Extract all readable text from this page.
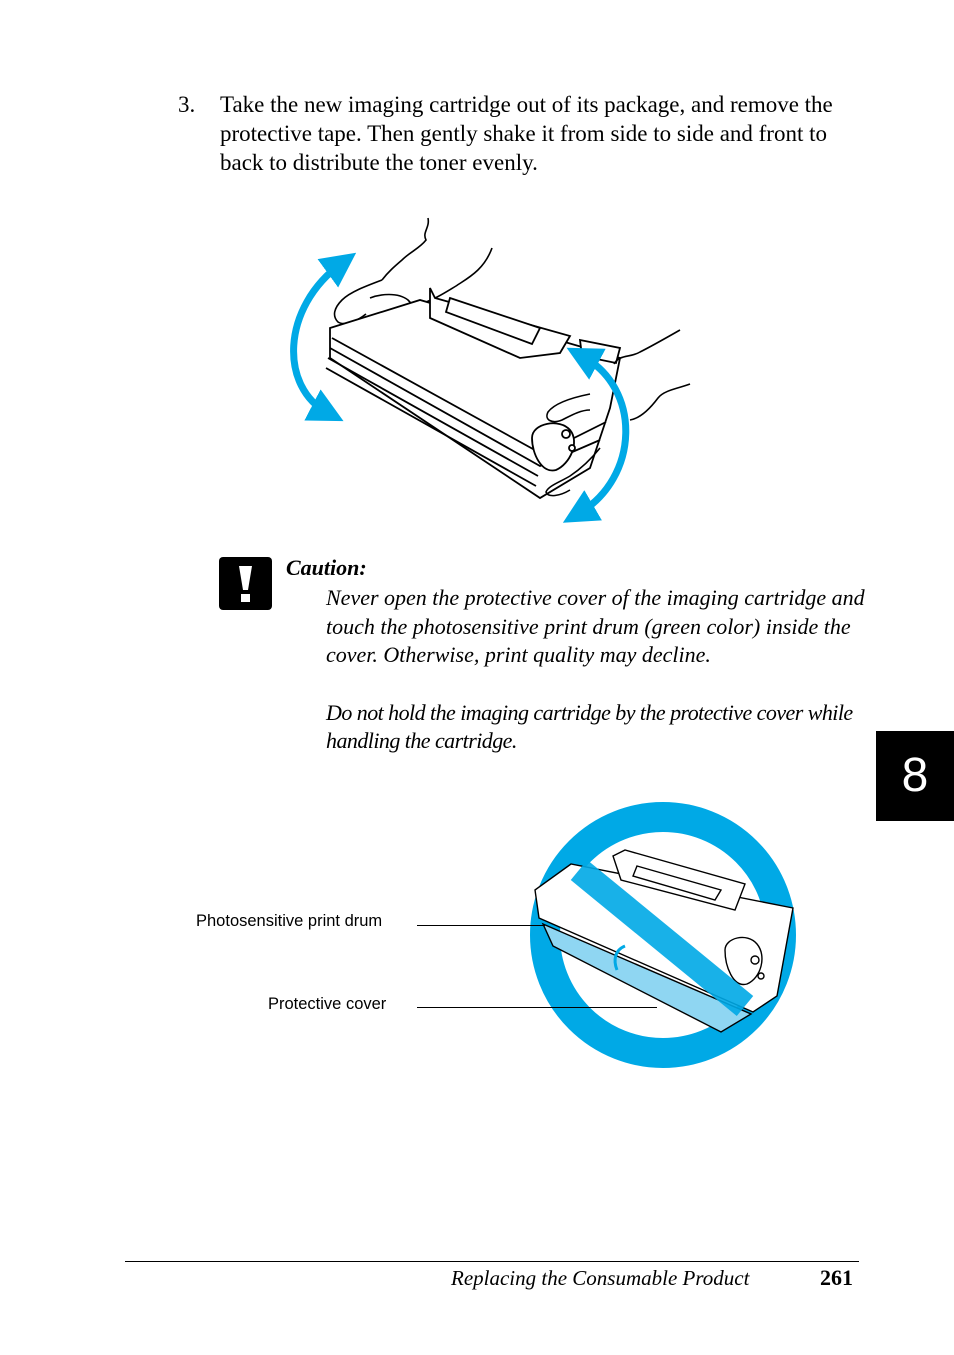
3. Take the new imaging cartridge out of its package, and remove the protective tape. Then gently shake it from side to side and front to back to distribute the toner evenly.
Caution:

Never open the protective cover of the imaging cartridge and touch the photosensitive print drum (green color) inside the cover. Otherwise, print quality may decline.

Do not hold the imaging cartridge by the protective cover while handling the cartridge.

8
Photosensitive print drum
Protective cover
Replacing the Consumable Product	261
